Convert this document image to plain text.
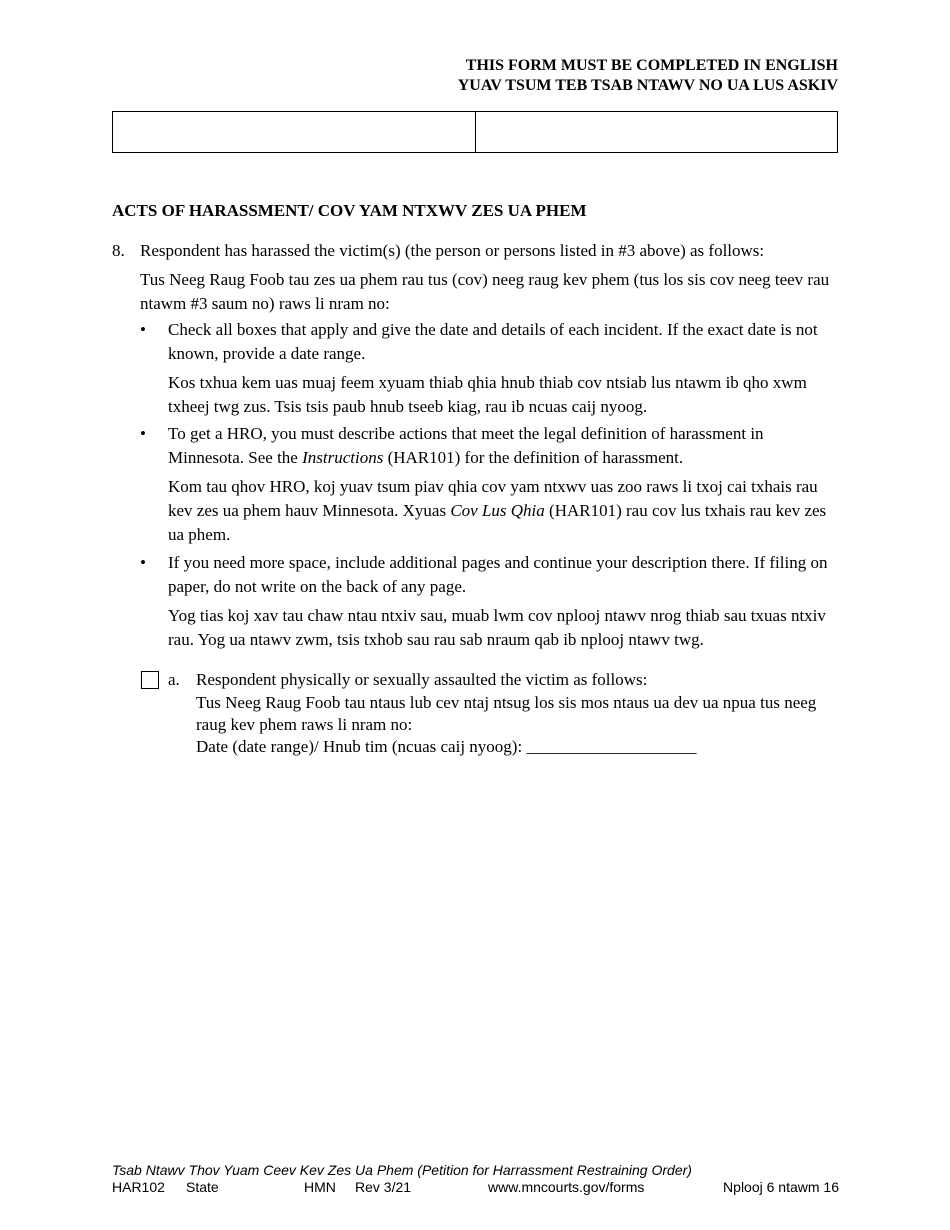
THIS FORM MUST BE COMPLETED IN ENGLISH
YUAV TSUM TEB TSAB NTAWV NO UA LUS ASKIV
ACTS OF HARASSMENT/ COV YAM NTXWV ZES UA PHEM
8. Respondent has harassed the victim(s) (the person or persons listed in #3 above) as follows:

Tus Neeg Raug Foob tau zes ua phem rau tus (cov) neeg raug kev phem (tus los sis cov neeg teev rau ntawm #3 saum no) raws li nram no:

• Check all boxes that apply and give the date and details of each incident. If the exact date is not known, provide a date range.

Kos txhua kem uas muaj feem xyuam thiab qhia hnub thiab cov ntsiab lus ntawm ib qho xwm txheej twg zus. Tsis tsis paub hnub tseeb kiag, rau ib ncuas caij nyoog.

• To get a HRO, you must describe actions that meet the legal definition of harassment in Minnesota. See the Instructions (HAR101) for the definition of harassment.

Kom tau qhov HRO, koj yuav tsum piav qhia cov yam ntxwv uas zoo raws li txoj cai txhais rau kev zes ua phem hauv Minnesota. Xyuas Cov Lus Qhia (HAR101) rau cov lus txhais rau kev zes ua phem.

• If you need more space, include additional pages and continue your description there. If filing on paper, do not write on the back of any page.

Yog tias koj xav tau chaw ntau ntxiv sau, muab lwm cov nplooj ntawv nrog thiab sau txuas ntxiv rau. Yog ua ntawv zwm, tsis txhob sau rau sab nraum qab ib nplooj ntawv twg.

a. Respondent physically or sexually assaulted the victim as follows:

Tus Neeg Raug Foob tau ntaus lub cev ntaj ntsug los sis mos ntaus ua dev ua npua tus neeg raug kev phem raws li nram no:

Date (date range)/ Hnub tim (ncuas caij nyoog): ____________________

Tsab Ntawv Thov Yuam Ceev Kev Zes Ua Phem (Petition for Harrassment Restraining Order)
HAR102 State	HMN Rev 3/21	www.mncourts.gov/forms	Nplooj 6 ntawm 16
